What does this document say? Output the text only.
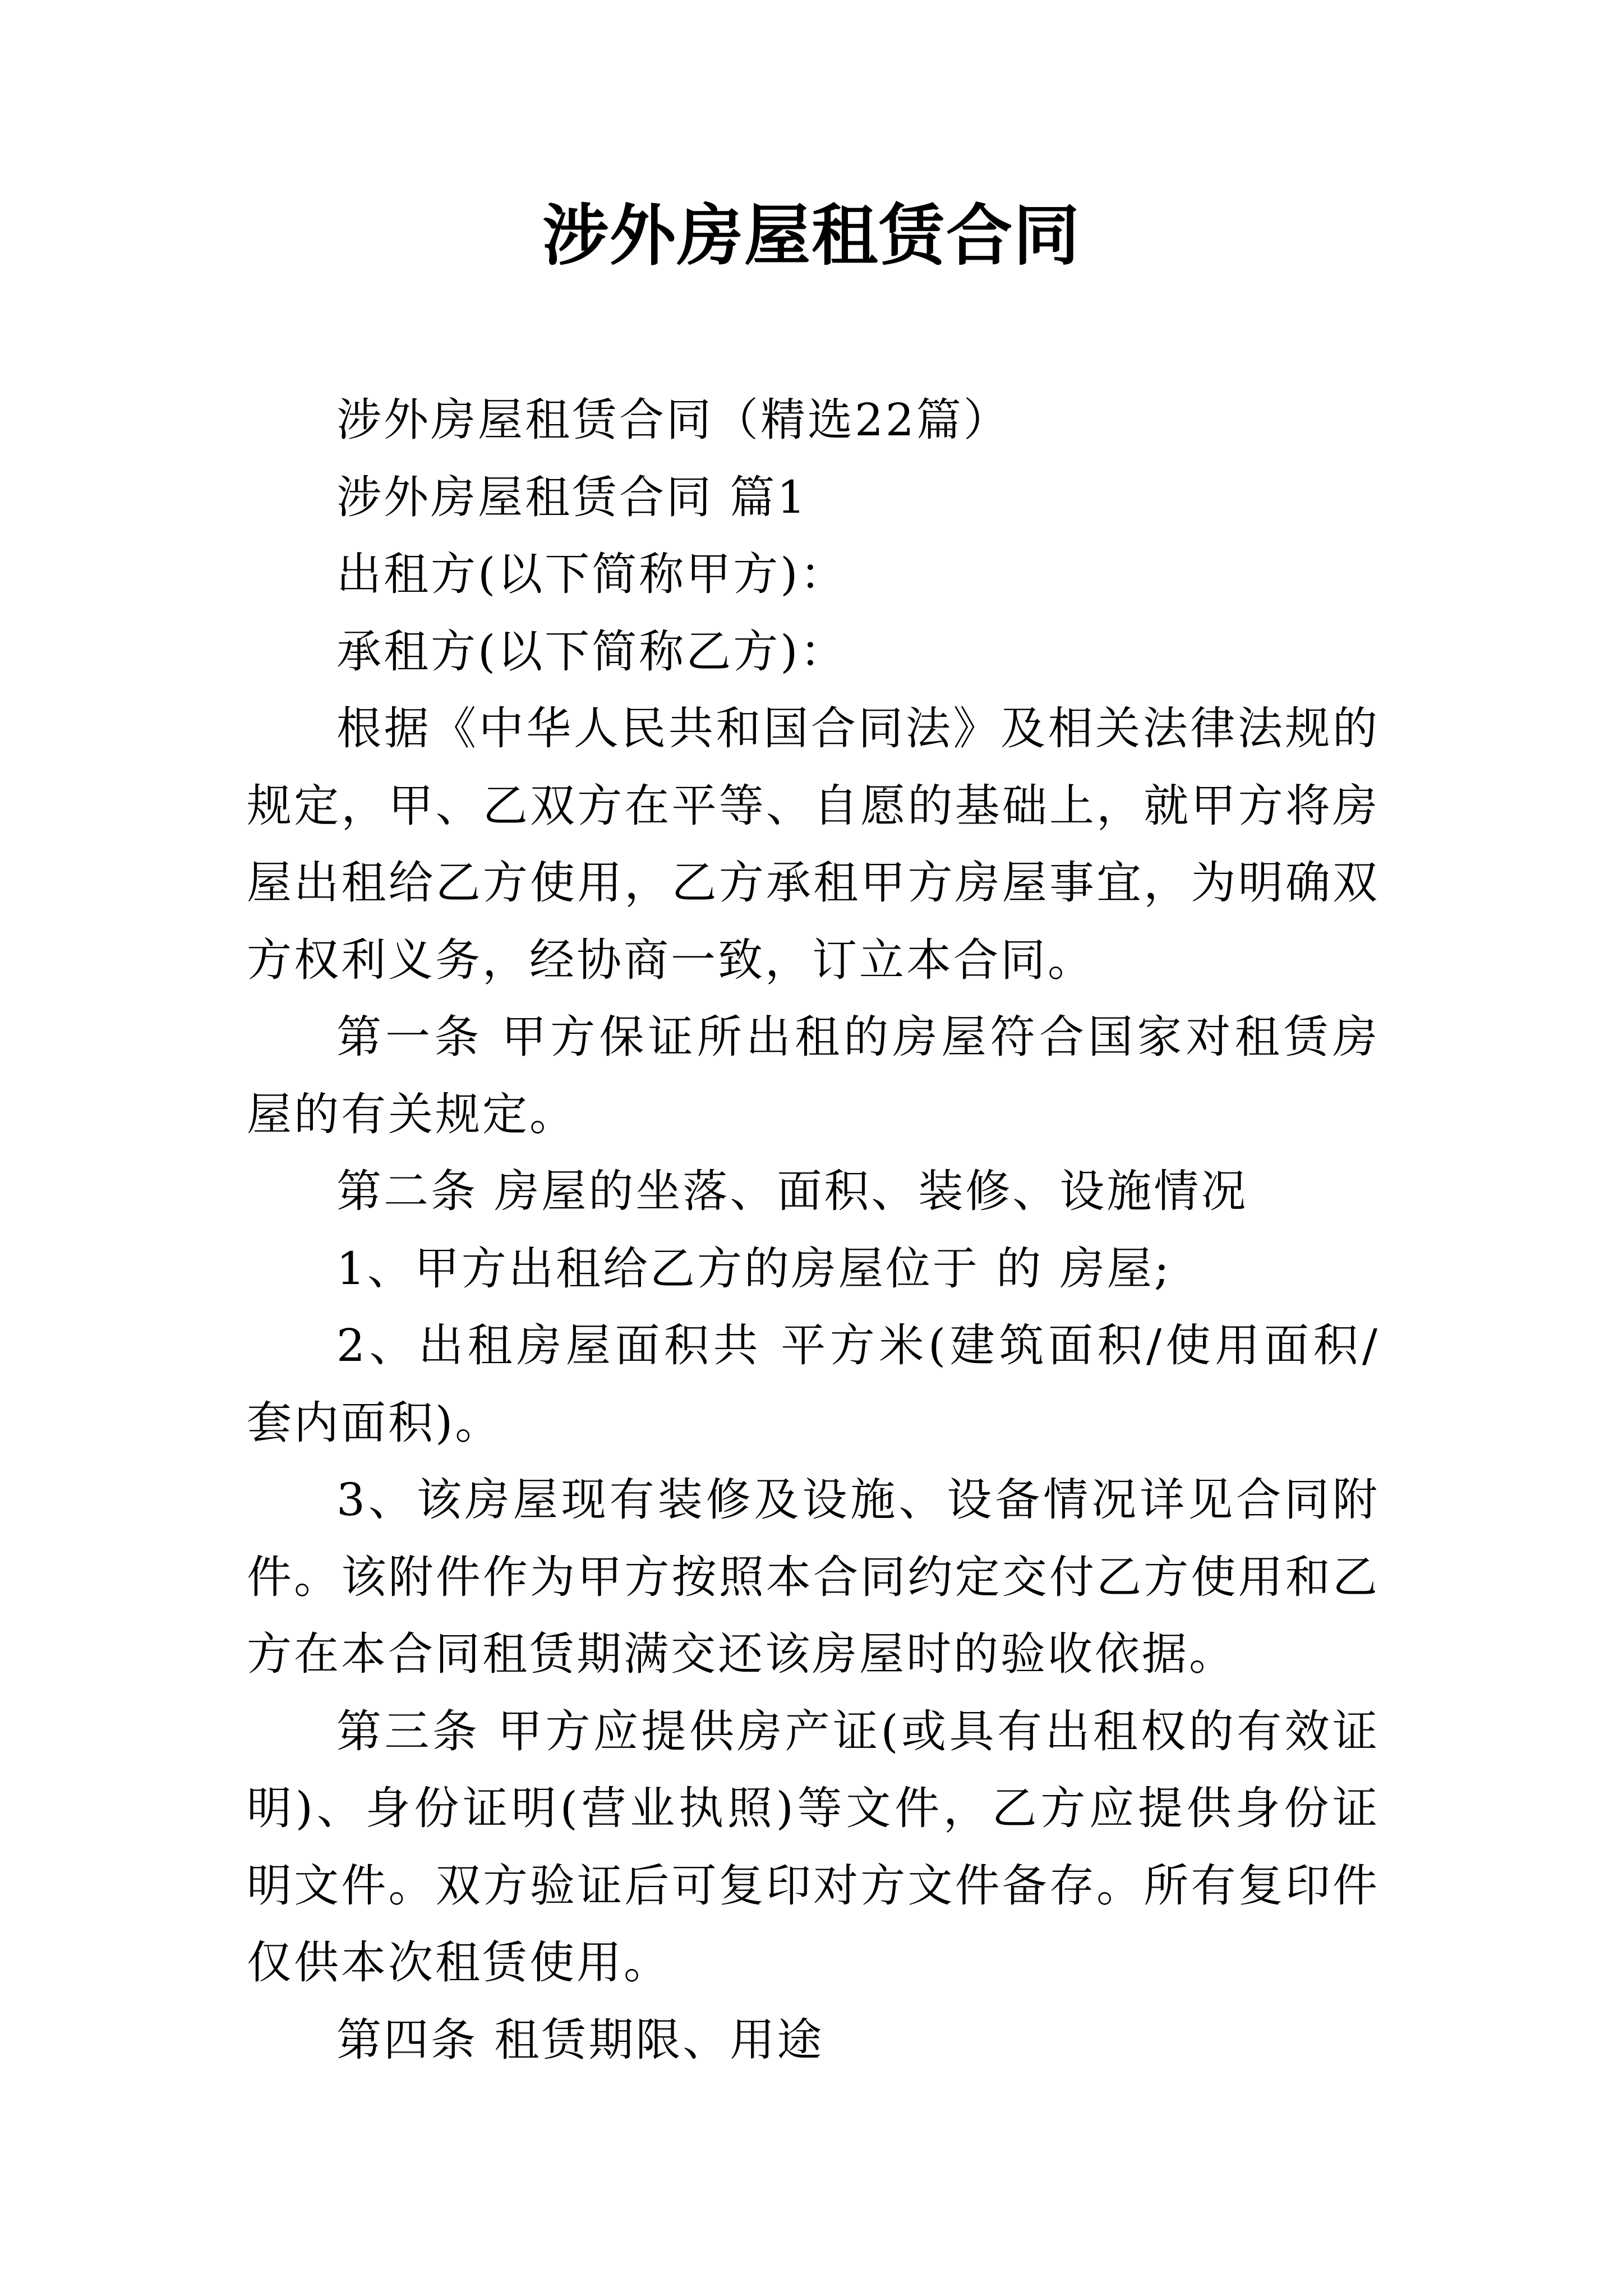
涉外房屋租赁合同

涉外房屋租赁合同（精选22篇）

涉外房屋租赁合同 篇1

出租方(以下简称甲方)：

承租方(以下简称乙方)：

根据《中华人民共和国合同法》及相关法律法规的规定，甲、乙双方在平等、自愿的基础上，就甲方将房屋出租给乙方使用，乙方承租甲方房屋事宜，为明确双方权利义务，经协商一致，订立本合同。

第一条 甲方保证所出租的房屋符合国家对租赁房屋的有关规定。

第二条 房屋的坐落、面积、装修、设施情况

1、甲方出租给乙方的房屋位于 的 房屋;

2、出租房屋面积共 平方米(建筑面积/使用面积/套内面积)。

3、该房屋现有装修及设施、设备情况详见合同附件。该附件作为甲方按照本合同约定交付乙方使用和乙方在本合同租赁期满交还该房屋时的验收依据。

第三条 甲方应提供房产证(或具有出租权的有效证明)、身份证明(营业执照)等文件，乙方应提供身份证明文件。双方验证后可复印对方文件备存。所有复印件仅供本次租赁使用。

第四条 租赁期限、用途
